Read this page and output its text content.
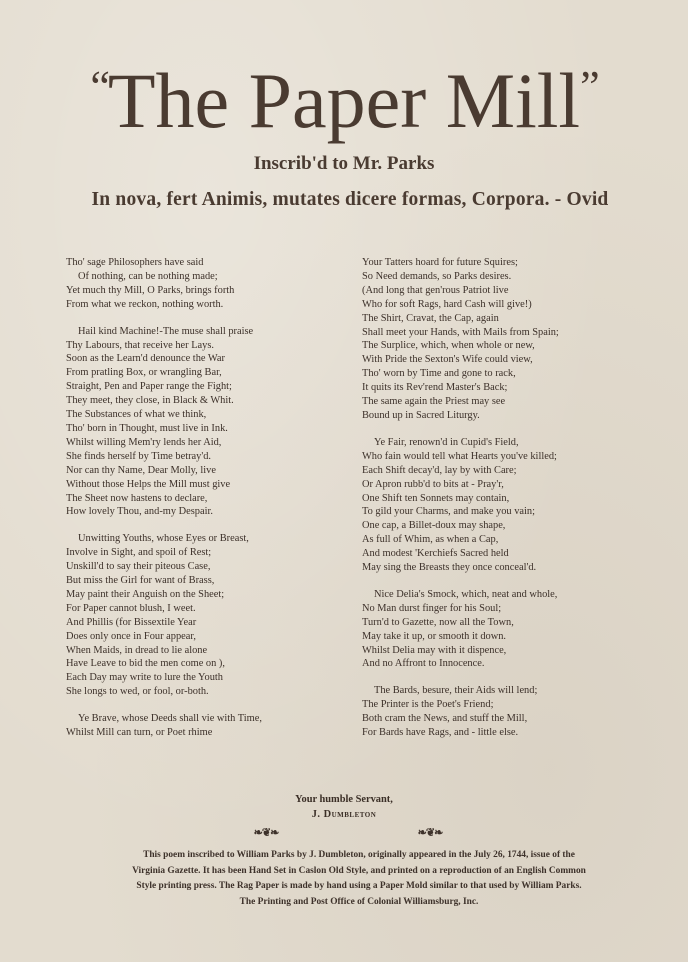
“The Paper Mill”
Inscrib'd to Mr. Parks
In nova, fert Animis, mutates dicere formas, Corpora. - Ovid
Tho' sage Philosophers have said
Of nothing, can be nothing made;
Yet much thy Mill, O Parks, brings forth
From what we reckon, nothing worth.
Hail kind Machine!-The muse shall praise
Thy Labours, that receive her Lays.
Soon as the Learn'd denounce the War
From pratling Box, or wrangling Bar,
Straight, Pen and Paper range the Fight;
They meet, they close, in Black & Whit.
The Substances of what we think,
Tho' born in Thought, must live in Ink.
Whilst willing Mem'ry lends her Aid,
She finds herself by Time betray'd.
Nor can thy Name, Dear Molly, live
Without those Helps the Mill must give
The Sheet now hastens to declare,
How lovely Thou, and-my Despair.
Unwitting Youths, whose Eyes or Breast,
Involve in Sight, and spoil of Rest;
Unskill'd to say their piteous Case,
But miss the Girl for want of Brass,
May paint their Anguish on the Sheet;
For Paper cannot blush, I weet.
And Phillis (for Bissextile Year
Does only once in Four appear,
When Maids, in dread to lie alone
Have Leave to bid the men come on ),
Each Day may write to lure the Youth
She longs to wed, or fool, or-both.
Ye Brave, whose Deeds shall vie with Time,
Whilst Mill can turn, or Poet rhime
Your Tatters hoard for future Squires;
So Need demands, so Parks desires.
(And long that gen'rous Patriot live
Who for soft Rags, hard Cash will give!)
The Shirt, Cravat, the Cap, again
Shall meet your Hands, with Mails from Spain;
The Surplice, which, when whole or new,
With Pride the Sexton's Wife could view,
Tho' worn by Time and gone to rack,
It quits its Rev'rend Master's Back;
The same again the Priest may see
Bound up in Sacred Liturgy.
Ye Fair, renown'd in Cupid's Field,
Who fain would tell what Hearts you've killed;
Each Shift decay'd, lay by with Care;
Or Apron rubb'd to bits at - Pray'r,
One Shift ten Sonnets may contain,
To gild your Charms, and make you vain;
One cap, a Billet-doux may shape,
As full of Whim, as when a Cap,
And modest 'Kerchiefs Sacred held
May sing the Breasts they once conceal'd.
Nice Delia's Smock, which, neat and whole,
No Man durst finger for his Soul;
Turn'd to Gazette, now all the Town,
May take it up, or smooth it down.
Whilst Delia may with it dispence,
And no Affront to Innocence.
The Bards, besure, their Aids will lend;
The Printer is the Poet's Friend;
Both cram the News, and stuff the Mill,
For Bards have Rags, and - little else.
Your humble Servant,
J. Dumbleton
❧❦❧	❧❦❧
This poem inscribed to William Parks by J. Dumbleton, originally appeared in the July 26, 1744, issue of the
Virginia Gazette. It has been Hand Set in Caslon Old Style, and printed on a reproduction of an English Common
Style printing press. The Rag Paper is made by hand using a Paper Mold similar to that used by William Parks.
The Printing and Post Office of Colonial Williamsburg, Inc.
